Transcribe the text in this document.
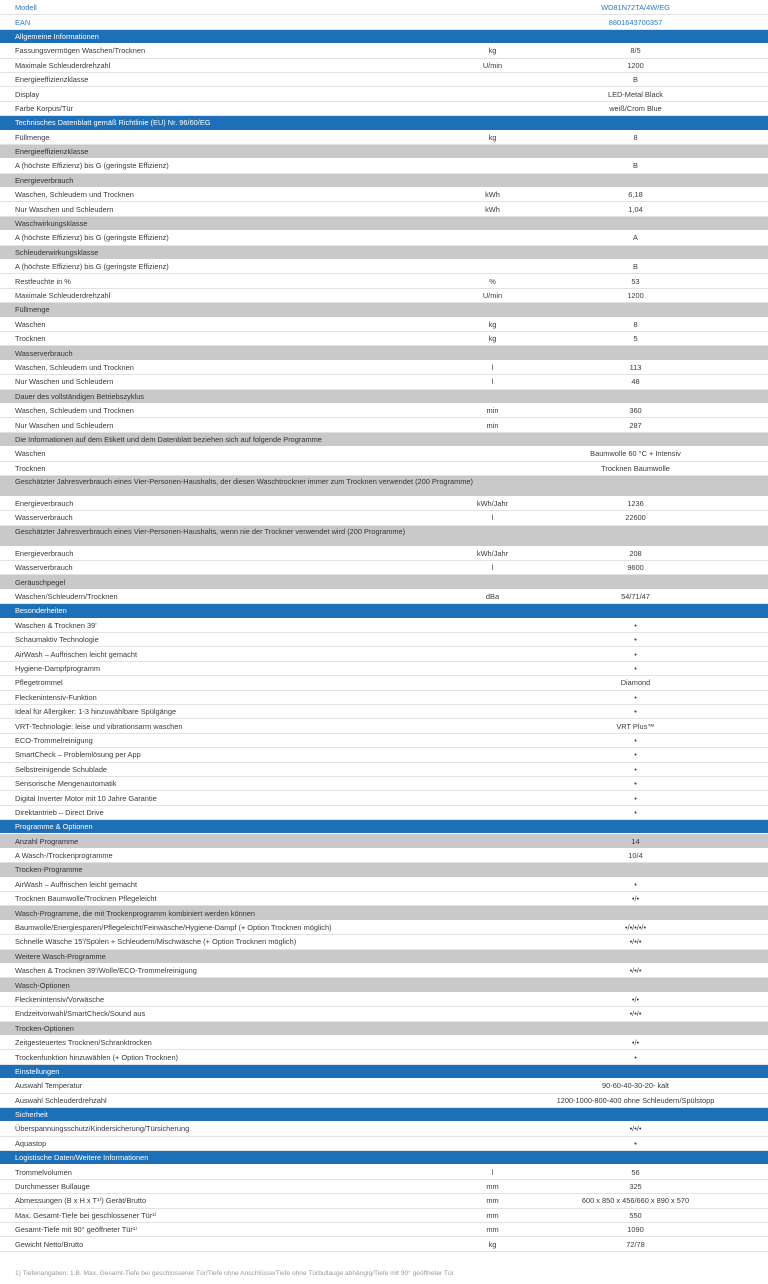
Modell	WD81N72TA/4W/EG
EAN	8801643700357
Allgemeine Informationen
Fassungsvermögen Waschen/Trocknen	kg	8/5
Maximale Schleuderdrehzahl	U/min	1200
Energieeffizienzklasse	B
Display	LED-Metal Black
Farbe Korpus/Tür	weiß/Crom Blue
Technisches Datenblatt gemäß Richtlinie (EU) Nr. 96/60/EG
Füllmenge	kg	8
Energieeffizienzklasse
A (höchste Effizienz) bis G (geringste Effizienz)	B
Energieverbrauch
Waschen, Schleudern und Trocknen	kWh	6,18
Nur Waschen und Schleudern	kWh	1,04
Waschwirkungsklasse
A (höchste Effizienz) bis G (geringste Effizienz)	A
Schleuderwirkungsklasse
A (höchste Effizienz) bis G (geringste Effizienz)	B
Restfeuchte in %	%	53
Maximale Schleuderdrehzahl	U/min	1200
Füllmenge
Waschen	kg	8
Trocknen	kg	5
Wasserverbrauch
Waschen, Schleudern und Trocknen	l	113
Nur Waschen und Schleudern	l	48
Dauer des vollständigen Betriebszyklus
Waschen, Schleudern und Trocknen	min	360
Nur Waschen und Schleudern	min	287
Die Informationen auf dem Etikett und dem Datenblatt beziehen sich auf folgende Programme
Waschen	Baumwolle 60 °C + Intensiv
Trocknen	Trocknen Baumwolle
Geschätzter Jahresverbrauch eines Vier-Personen-Haushalts, der diesen Waschtrockner immer zum Trocknen verwendet (200 Programme)
Energieverbrauch	kWh/Jahr	1236
Wasserverbrauch	l	22600
Geschätzter Jahresverbrauch eines Vier-Personen-Haushalts, wenn nie der Trockner verwendet wird (200 Programme)
Energieverbrauch	kWh/Jahr	208
Wasserverbrauch	l	9600
Geräuschpegel
Waschen/Schleudern/Trocknen	dBa	54/71/47
Besonderheiten
Waschen & Trocknen 39'	•
Schaumaktiv Technologie	•
AirWash – Auffrischen leicht gemacht	•
Hygiene-Dampfprogramm	•
Pflegetrommel	Diamond
Fleckenintensiv-Funktion	•
Ideal für Allergiker: 1-3 hinzuwählbare Spülgänge	•
VRT-Technologie: leise und vibrationsarm waschen	VRT Plus™
ECO-Trommelreinigung	•
SmartCheck – Problemlösung per App	•
Selbstreinigende Schublade	•
Sensorische Mengenautomatik	•
Digital Inverter Motor mit 10 Jahre Garantie	•
Direktantrieb – Direct Drive	•
Programme & Optionen
Anzahl Programme	14
A Wasch-/Trockenprogramme	10/4
Trocken-Programme
AirWash – Auffrischen leicht gemacht	•
Trocknen Baumwolle/Trocknen Pflegeleicht	•/•
Wasch-Programme, die mit Trockenprogramm kombiniert werden können
Baumwolle/Energiesparen/Pflegeleicht/Feinwäsche/Hygiene-Dampf (+ Option Trocknen möglich)	•/•/•/•/•
Schnelle Wäsche 15'/Spülen + Schleudern/Mischwäsche (+ Option Trocknen möglich)	•/•/•
Weitere Wasch-Programme
Waschen & Trocknen 39'/Wolle/ECO-Trommelreinigung	•/•/•
Wasch-Optionen
Fleckenintensiv/Vorwäsche	•/•
Endzeitvorwahl/SmartCheck/Sound aus	•/•/•
Trocken-Optionen
Zeitgesteuertes Trocknen/Schranktrocken	•/•
Trockenfunktion hinzuwählen (+ Option Trocknen)	•
Einstellungen
Auswahl Temperatur	90-60-40-30-20- kalt
Auswahl Schleuderdrehzahl	1200-1000-800-400 ohne Schleudern/Spülstopp
Sicherheit
Überspannungsschutz/Kindersicherung/Türsicherung	•/•/•
Aquastop	•
Logistische Daten/Weitere Informationen
Trommelvolumen	l	56
Durchmesser Bullauge	mm	325
Abmessungen (B x H x T¹⁾) Gerät/Brutto	mm	600 x 850 x 456/660 x 890 x 570
Max. Gesamt-Tiefe bei geschlossener Tür¹⁾	mm	550
Gesamt-Tiefe mit 90° geöffneter Tür¹⁾	mm	1090
Gewicht Netto/Brutto	kg	72/78
1) Tiefenangaben: 1.B. Max. Gesamt-Tiefe bei geschlossener Tür/Tiefe ohne Anschlüsse/Tiefe ohne Türbullauge abhängig/Tiefe mit 90° geöffneter Tür
